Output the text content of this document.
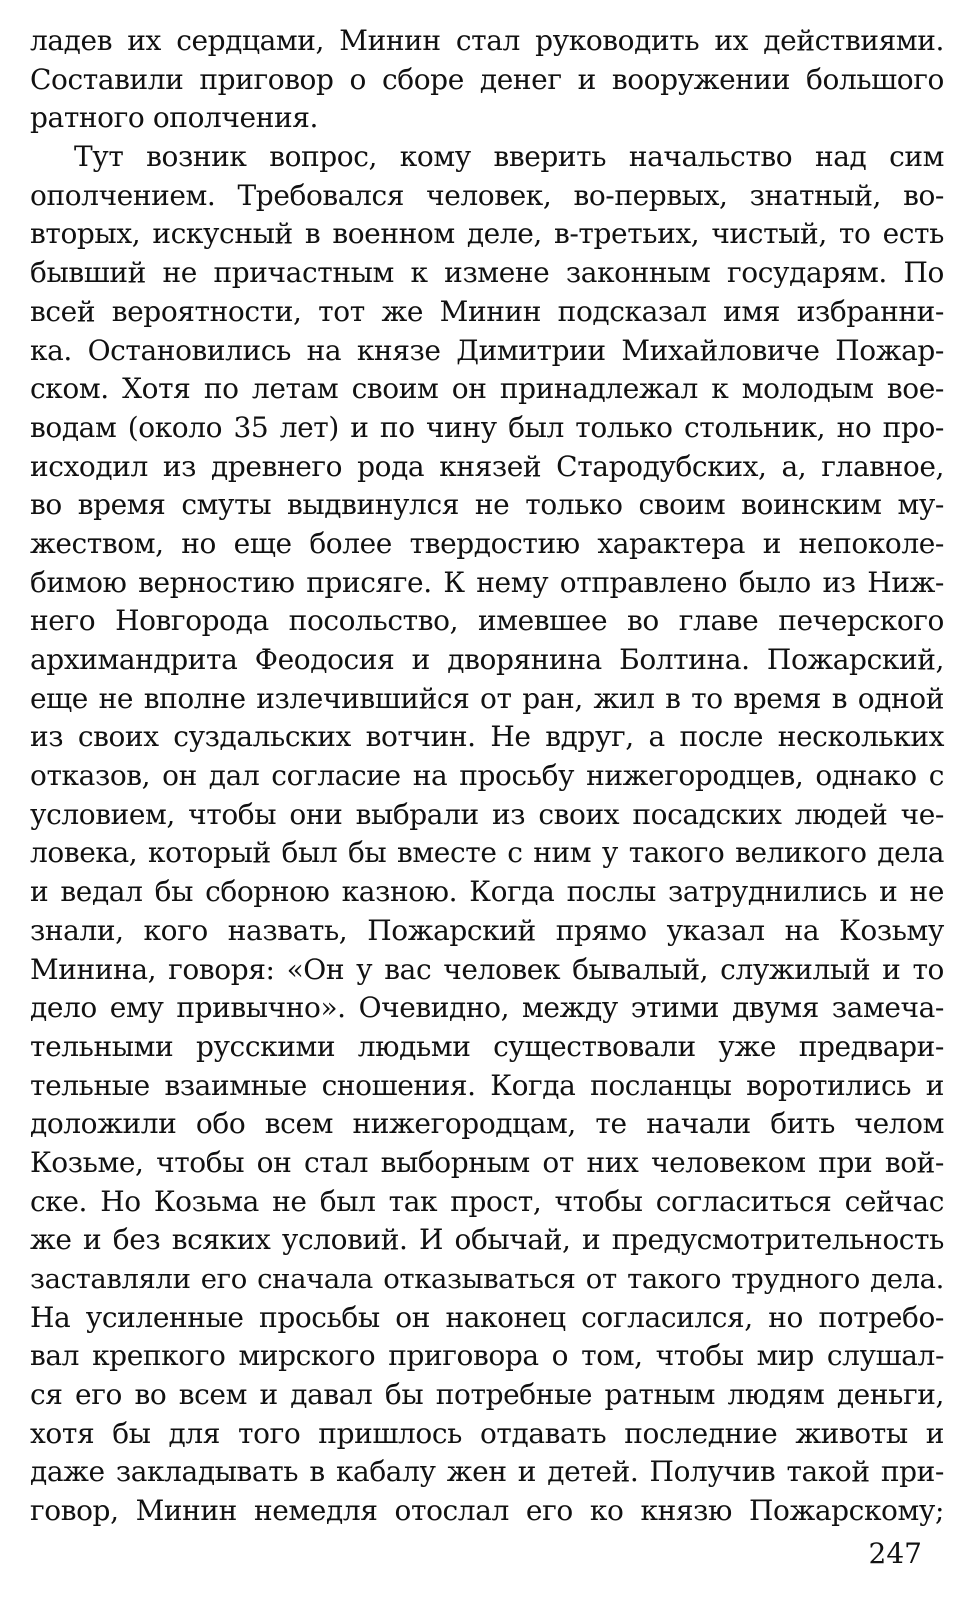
ладев их сердцами, Минин стал руководить их действиями.
Составили приговор о сборе денег и вооружении большого
ратного ополчения.
Тут возник вопрос, кому вверить начальство над сим
ополчением. Требовался человек, во-первых, знатный, во-
вторых, искусный в военном деле, в-третьих, чистый, то есть
бывший не причастным к измене законным государям. По
всей вероятности, тот же Минин подсказал имя избранни-
ка. Остановились на князе Димитрии Михайловиче Пожар-
ском. Хотя по летам своим он принадлежал к молодым вое-
водам (около 35 лет) и по чину был только стольник, но про-
исходил из древнего рода князей Стародубских, а, главное,
во время смуты выдвинулся не только своим воинским му-
жеством, но еще более твердостию характера и непоколе-
бимою верностию присяге. К нему отправлено было из Ниж-
него Новгорода посольство, имевшее во главе печерского
архимандрита Феодосия и дворянина Болтина. Пожарский,
еще не вполне излечившийся от ран, жил в то время в одной
из своих суздальских вотчин. Не вдруг, а после нескольких
отказов, он дал согласие на просьбу нижегородцев, однако с
условием, чтобы они выбрали из своих посадских людей че-
ловека, который был бы вместе с ним у такого великого дела
и ведал бы сборною казною. Когда послы затруднились и не
знали, кого назвать, Пожарский прямо указал на Козьму
Минина, говоря: «Он у вас человек бывалый, служилый и то
дело ему привычно». Очевидно, между этими двумя замеча-
тельными русскими людьми существовали уже предвари-
тельные взаимные сношения. Когда посланцы воротились и
доложили обо всем нижегородцам, те начали бить челом
Козьме, чтобы он стал выборным от них человеком при вой-
ске. Но Козьма не был так прост, чтобы согласиться сейчас
же и без всяких условий. И обычай, и предусмотрительность
заставляли его сначала отказываться от такого трудного дела.
На усиленные просьбы он наконец согласился, но потребо-
вал крепкого мирского приговора о том, чтобы мир слушал-
ся его во всем и давал бы потребные ратным людям деньги,
хотя бы для того пришлось отдавать последние животы и
даже закладывать в кабалу жен и детей. Получив такой при-
говор, Минин немедля отослал его ко князю Пожарскому;
247
